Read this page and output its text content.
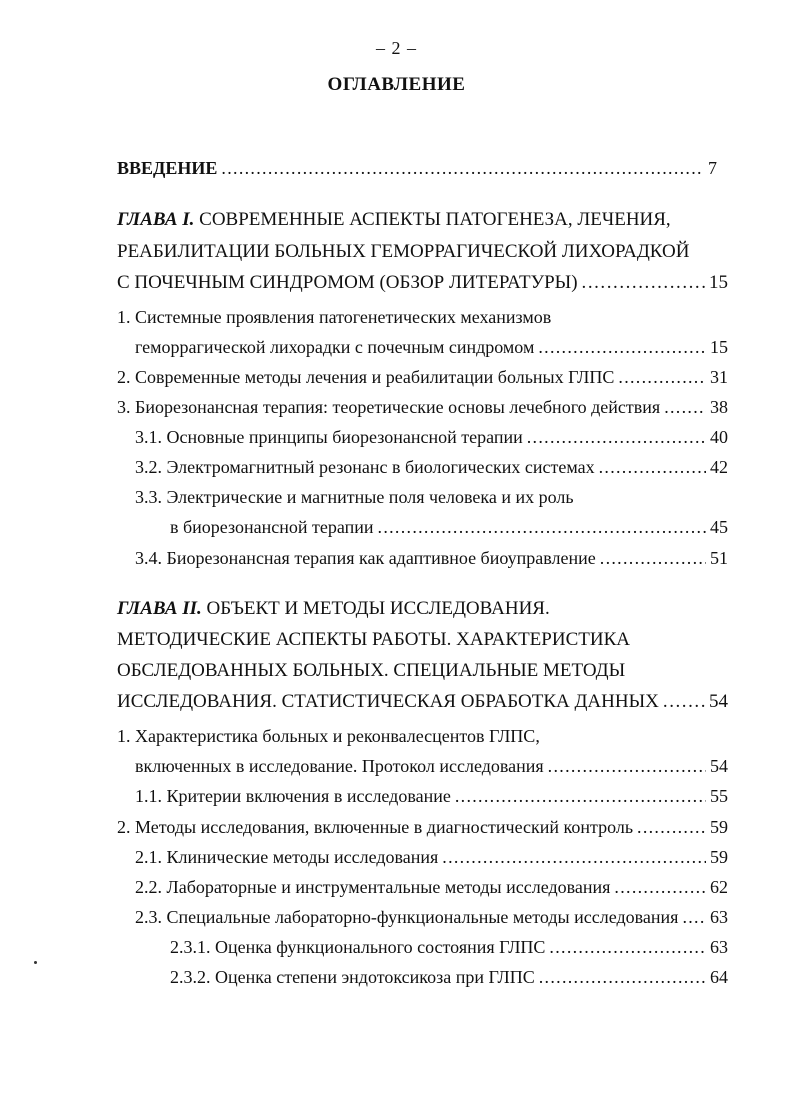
– 2 –
ОГЛАВЛЕНИЕ
ВВЕДЕНИЕ . . .	7
ГЛАВА I. СОВРЕМЕННЫЕ АСПЕКТЫ ПАТОГЕНЕЗА, ЛЕЧЕНИЯ,
РЕАБИЛИТАЦИИ БОЛЬНЫХ ГЕМОРРАГИЧЕСКОЙ ЛИХОРАДКОЙ
С ПОЧЕЧНЫМ СИНДРОМОМ (ОБЗОР ЛИТЕРАТУРЫ) . . .	15
1. Системные проявления патогенетических механизмов
геморрагической лихорадки с почечным синдромом . . .	15
2. Современные методы лечения и реабилитации больных ГЛПС . . .	31
3. Биорезонансная терапия: теоретические основы лечебного действия . . .	38
3.1. Основные принципы биорезонансной терапии . . .	40
3.2. Электромагнитный резонанс в биологических системах . . .	42
3.3. Электрические и магнитные поля человека и их роль
в биорезонансной терапии . . .	45
3.4. Биорезонансная терапия как адаптивное биоуправление . . .	51
ГЛАВА II. ОБЪЕКТ И МЕТОДЫ ИССЛЕДОВАНИЯ.
МЕТОДИЧЕСКИЕ АСПЕКТЫ РАБОТЫ. ХАРАКТЕРИСТИКА
ОБСЛЕДОВАННЫХ БОЛЬНЫХ. СПЕЦИАЛЬНЫЕ МЕТОДЫ
ИССЛЕДОВАНИЯ. СТАТИСТИЧЕСКАЯ ОБРАБОТКА ДАННЫХ . . .	54
1. Характеристика больных и реконвалесцентов ГЛПС,
включенных в исследование. Протокол исследования . . .	54
1.1. Критерии включения в исследование . . .	55
2. Методы исследования, включенные в диагностический контроль . . .	59
2.1. Клинические методы исследования . . .	59
2.2. Лабораторные и инструментальные методы исследования . . .	62
2.3. Специальные лабораторно-функциональные методы исследования . . . 63
2.3.1. Оценка функционального состояния ГЛПС . . .	63
2.3.2. Оценка степени эндотоксикоза при ГЛПС . . .	64
